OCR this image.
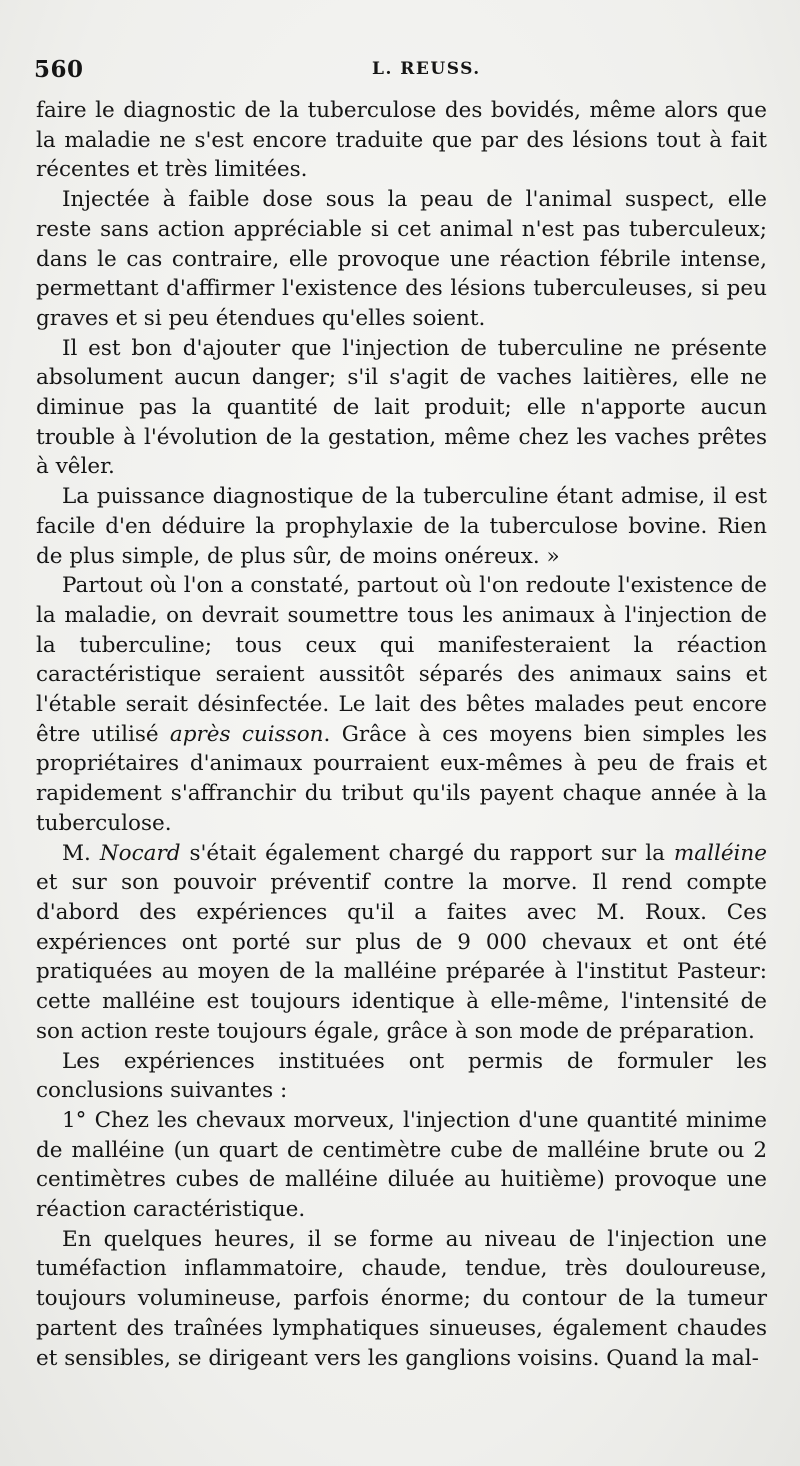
560	L. REUSS.

faire le diagnostic de la tuberculose des bovidés, même alors que la maladie ne s'est encore traduite que par des lésions tout à fait récentes et très limitées.

Injectée à faible dose sous la peau de l'animal suspect, elle reste sans action appréciable si cet animal n'est pas tuberculeux; dans le cas contraire, elle provoque une réaction fébrile intense, permettant d'affirmer l'existence des lésions tuberculeuses, si peu graves et si peu étendues qu'elles soient.

Il est bon d'ajouter que l'injection de tuberculine ne présente absolument aucun danger; s'il s'agit de vaches laitières, elle ne diminue pas la quantité de lait produit; elle n'apporte aucun trouble à l'évolution de la gestation, même chez les vaches prêtes à vêler.

La puissance diagnostique de la tuberculine étant admise, il est facile d'en déduire la prophylaxie de la tuberculose bovine. Rien de plus simple, de plus sûr, de moins onéreux. »

Partout où l'on a constaté, partout où l'on redoute l'existence de la maladie, on devrait soumettre tous les animaux à l'injection de la tuberculine; tous ceux qui manifesteraient la réaction caractéristique seraient aussitôt séparés des animaux sains et l'étable serait désinfectée. Le lait des bêtes malades peut encore être utilisé après cuisson. Grâce à ces moyens bien simples les propriétaires d'animaux pourraient eux-mêmes à peu de frais et rapidement s'affranchir du tribut qu'ils payent chaque année à la tuberculose.

M. Nocard s'était également chargé du rapport sur la malléine et sur son pouvoir préventif contre la morve. Il rend compte d'abord des expériences qu'il a faites avec M. Roux. Ces expériences ont porté sur plus de 9 000 chevaux et ont été pratiquées au moyen de la malléine préparée à l'institut Pasteur: cette malléine est toujours identique à elle-même, l'intensité de son action reste toujours égale, grâce à son mode de préparation.

Les expériences instituées ont permis de formuler les conclusions suivantes :

1° Chez les chevaux morveux, l'injection d'une quantité minime de malléine (un quart de centimètre cube de malléine brute ou 2 centimètres cubes de malléine diluée au huitième) provoque une réaction caractéristique.

En quelques heures, il se forme au niveau de l'injection une tuméfaction inflammatoire, chaude, tendue, très douloureuse, toujours volumineuse, parfois énorme; du contour de la tumeur partent des traînées lymphatiques sinueuses, également chaudes et sensibles, se dirigeant vers les ganglions voisins. Quand la mal-
